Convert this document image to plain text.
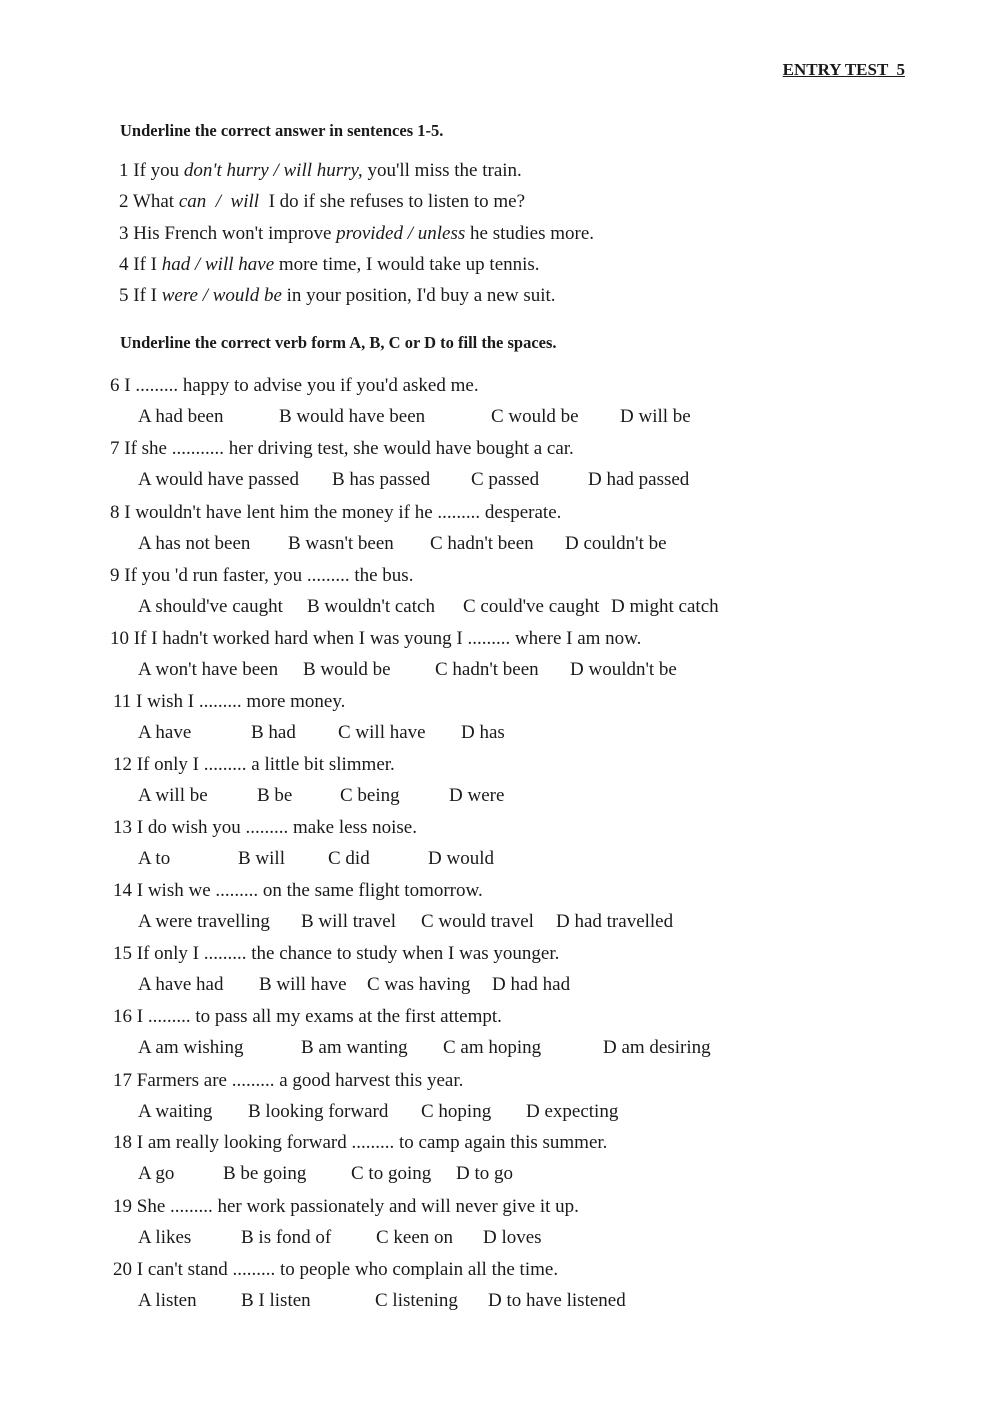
ENTRY TEST  5
Underline the correct answer in sentences 1-5.
1 If you don't hurry / will hurry, you'll miss the train.
2 What can  /  will  I do if she refuses to listen to me?
3 His French won't improve provided / unless he studies more.
4 If I had / will have more time, I would take up tennis.
5 If I were / would be in your position, I'd buy a new suit.
Underline the correct verb form A, B, C or D to fill the spaces.
6 I ......... happy to advise you if you'd asked me.
A had been	B would have been	C would be D will be
7 If she ........... her driving test, she would have bought a car.
A would have passed B has passed C passed	D had passed
8 I wouldn't have lent him the money if he ......... desperate.
A has not been B wasn't been C hadn't been D couldn't be
9 If you 'd run faster, you ......... the bus.
A should've caught B wouldn't catch C could've caught D might catch
10 If I hadn't worked hard when I was young I ......... where I am now.
A won't have been B would be C hadn't been D wouldn't be
11 I wish I ......... more money.
A have	B had C will have D has
12 If only I ......... a little bit slimmer.
A will be	B be	C being	D were
13 I do wish you ......... make less noise.
A to	B will C did	D would
14 I wish we ......... on the same flight tomorrow.
A were travelling B will travel C would travel D had travelled
15 If only I ......... the chance to study when I was younger.
A have had B will have C was having D had had
16 I ......... to pass all my exams at the first attempt.
A am wishing	B am wanting C am hoping	D am desiring
17 Farmers are ......... a good harvest this year.
A waiting B looking forward C hoping D expecting
18 I am really looking forward ......... to camp again this summer.
A go	B be going C to going D to go
19 She ......... her work passionately and will never give it up.
A likes	B is fond of C keen on D loves
20 I can't stand ......... to people who complain all the time.
A listen B I listen	C listening D to have listened
